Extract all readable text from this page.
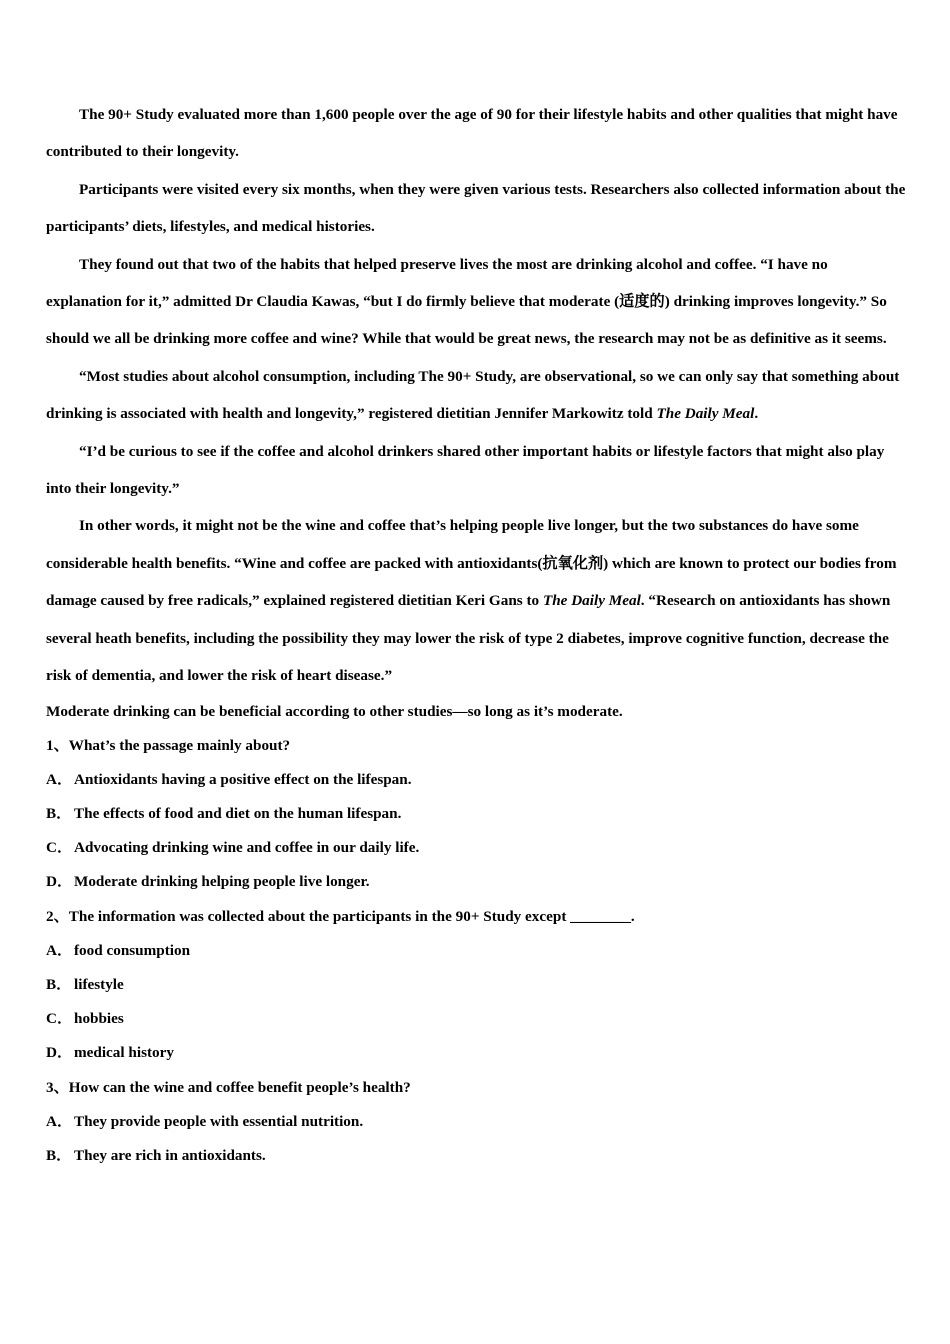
The 90+ Study evaluated more than 1,600 people over the age of 90 for their lifestyle habits and other qualities that might have contributed to their longevity.

Participants were visited every six months, when they were given various tests. Researchers also collected information about the participants’ diets, lifestyles, and medical histories.

They found out that two of the habits that helped preserve lives the most are drinking alcohol and coffee. “I have no explanation for it,” admitted Dr Claudia Kawas, “but I do firmly believe that moderate (适度的) drinking improves longevity.” So should we all be drinking more coffee and wine? While that would be great news, the research may not be as definitive as it seems.

“Most studies about alcohol consumption, including The 90+ Study, are observational, so we can only say that something about drinking is associated with health and longevity,” registered dietitian Jennifer Markowitz told The Daily Meal.

“I’d be curious to see if the coffee and alcohol drinkers shared other important habits or lifestyle factors that might also play into their longevity.”

In other words, it might not be the wine and coffee that’s helping people live longer, but the two substances do have some considerable health benefits. “Wine and coffee are packed with antioxidants(抗氧化剂) which are known to protect our bodies from damage caused by free radicals,” explained registered dietitian Keri Gans to The Daily Meal. “Research on antioxidants has shown several heath benefits, including the possibility they may lower the risk of type 2 diabetes, improve cognitive function, decrease the risk of dementia, and lower the risk of heart disease.”

Moderate drinking can be beneficial according to other studies—so long as it’s moderate.

1、What’s the passage mainly about?

A． Antioxidants having a positive effect on the lifespan.

B． The effects of food and diet on the human lifespan.

C． Advocating drinking wine and coffee in our daily life.

D． Moderate drinking helping people live longer.

2、The information was collected about the participants in the 90+ Study except ________.

A． food consumption

B． lifestyle

C． hobbies

D． medical history

3、How can the wine and coffee benefit people’s health?

A． They provide people with essential nutrition.

B． They are rich in antioxidants.
